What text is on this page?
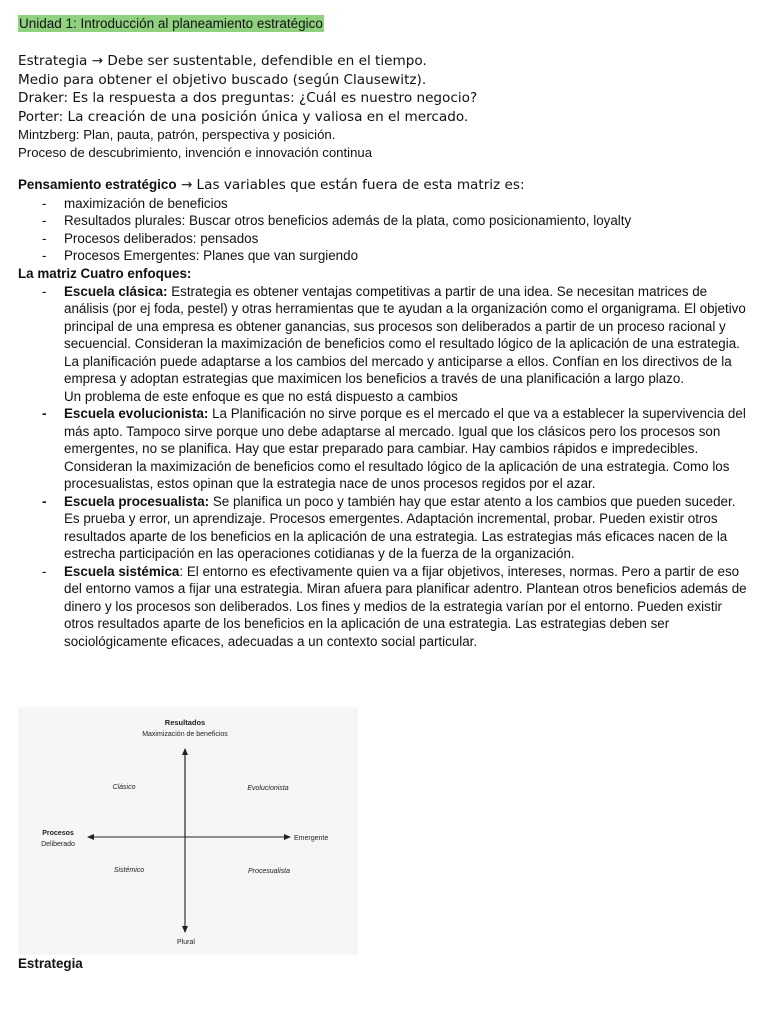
Unidad 1: Introducción al planeamiento estratégico
Estrategia → Debe ser sustentable, defendible en el tiempo.
Medio para obtener el objetivo buscado (según Clausewitz).
Draker: Es la respuesta a dos preguntas: ¿Cuál es nuestro negocio?
Porter: La creación de una posición única y valiosa en el mercado.
Mintzberg: Plan, pauta, patrón, perspectiva y posición.
Proceso de descubrimiento, invención e innovación continua
Pensamiento estratégico → Las variables que están fuera de esta matriz es:
- maximización de beneficios
- Resultados plurales: Buscar otros beneficios además de la plata, como posicionamiento, loyalty
- Procesos deliberados: pensados
- Procesos Emergentes: Planes que van surgiendo
La matriz Cuatro enfoques:
- Escuela clásica: Estrategia es obtener ventajas competitivas a partir de una idea. Se necesitan matrices de análisis (por ej foda, pestel) y otras herramientas que te ayudan a la organización como el organigrama. El objetivo principal de una empresa es obtener ganancias, sus procesos son deliberados a partir de un proceso racional y secuencial. Consideran la maximización de beneficios como el resultado lógico de la aplicación de una estrategia. La planificación puede adaptarse a los cambios del mercado y anticiparse a ellos. Confían en los directivos de la empresa y adoptan estrategias que maximicen los beneficios a través de una planificación a largo plazo.
Un problema de este enfoque es que no está dispuesto a cambios
- Escuela evolucionista: La Planificación no sirve porque es el mercado el que va a establecer la supervivencia del más apto. Tampoco sirve porque uno debe adaptarse al mercado. Igual que los clásicos pero los procesos son emergentes, no se planifica. Hay que estar preparado para cambiar. Hay cambios rápidos e impredecibles. Consideran la maximización de beneficios como el resultado lógico de la aplicación de una estrategia. Como los procesualistas, estos opinan que la estrategia nace de unos procesos regidos por el azar.
- Escuela procesualista: Se planifica un poco y también hay que estar atento a los cambios que pueden suceder. Es prueba y error, un aprendizaje. Procesos emergentes. Adaptación incremental, probar. Pueden existir otros resultados aparte de los beneficios en la aplicación de una estrategia. Las estrategias más eficaces nacen de la estrecha participación en las operaciones cotidianas y de la fuerza de la organización.
- Escuela sistémica: El entorno es efectivamente quien va a fijar objetivos, intereses, normas. Pero a partir de eso del entorno vamos a fijar una estrategia. Miran afuera para planificar adentro. Plantean otros beneficios además de dinero y los procesos son deliberados. Los fines y medios de la estrategia varían por el entorno. Pueden existir otros resultados aparte de los beneficios en la aplicación de una estrategia. Las estrategias deben ser sociológicamente eficaces, adecuadas a un contexto social particular.
Resultados
Maximización de beneficios
Procesos
Deliberado
Emergente
Plural
Clásico	Evolucionista
Sistémico	Procesualista
Estrategia
